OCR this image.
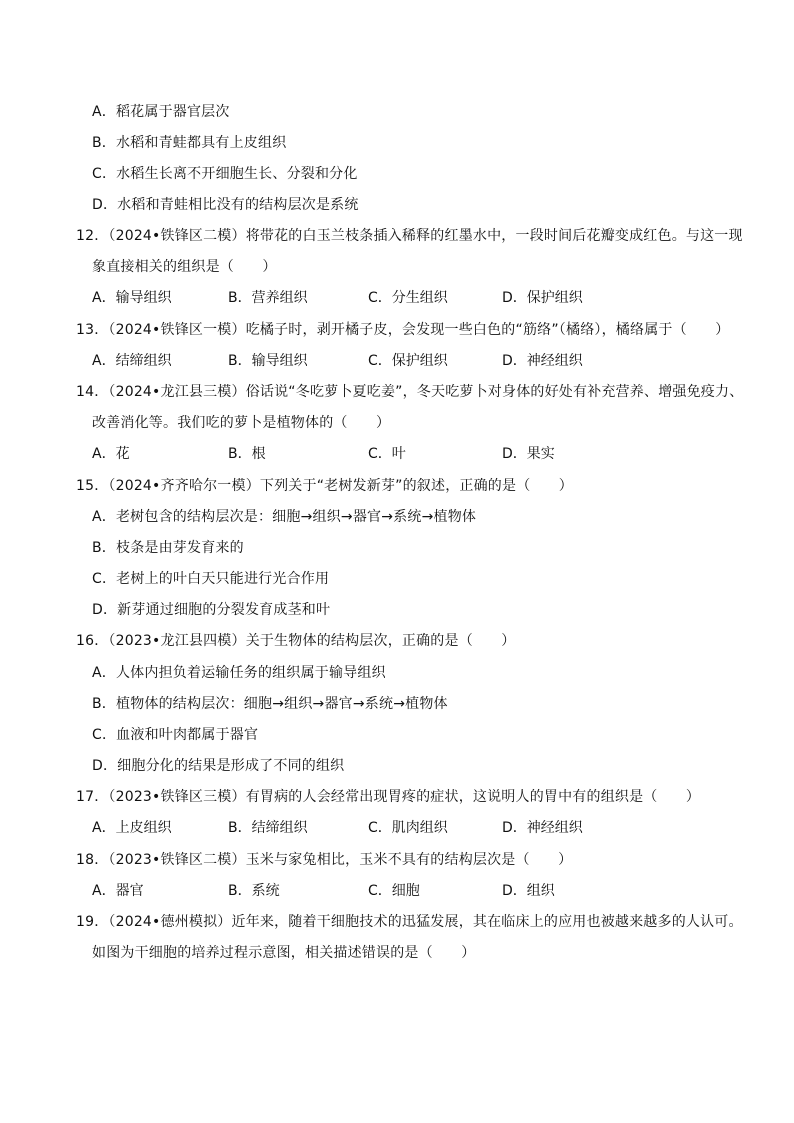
A．稻花属于器官层次
B．水稻和青蛙都具有上皮组织
C．水稻生长离不开细胞生长、分裂和分化
D．水稻和青蛙相比没有的结构层次是系统
12．（2024•铁锋区二模）将带花的白玉兰枝条插入稀释的红墨水中，一段时间后花瓣变成红色。与这一现
象直接相关的组织是（　　）
A．输导组织	B．营养组织	C．分生组织	D．保护组织
13．（2024•铁锋区一模）吃橘子时，剥开橘子皮，会发现一些白色的“筋络”（橘络），橘络属于（　　）
A．结缔组织	B．输导组织	C．保护组织	D．神经组织
14．（2024•龙江县三模）俗话说“冬吃萝卜夏吃姜”，冬天吃萝卜对身体的好处有补充营养、增强免疫力、
改善消化等。我们吃的萝卜是植物体的（　　）
A．花	B．根	C．叶	D．果实
15．（2024•齐齐哈尔一模）下列关于“老树发新芽”的叙述，正确的是（　　）
A．老树包含的结构层次是：细胞→组织→器官→系统→植物体
B．枝条是由芽发育来的
C．老树上的叶白天只能进行光合作用
D．新芽通过细胞的分裂发育成茎和叶
16．（2023•龙江县四模）关于生物体的结构层次，正确的是（　　）
A．人体内担负着运输任务的组织属于输导组织
B．植物体的结构层次：细胞→组织→器官→系统→植物体
C．血液和叶肉都属于器官
D．细胞分化的结果是形成了不同的组织
17．（2023•铁锋区三模）有胃病的人会经常出现胃疼的症状，这说明人的胃中有的组织是（　　）
A．上皮组织	B．结缔组织	C．肌肉组织	D．神经组织
18．（2023•铁锋区二模）玉米与家兔相比，玉米不具有的结构层次是（　　）
A．器官	B．系统	C．细胞	D．组织
19．（2024•德州模拟）近年来，随着干细胞技术的迅猛发展，其在临床上的应用也被越来越多的人认可。
如图为干细胞的培养过程示意图，相关描述错误的是（　　）
